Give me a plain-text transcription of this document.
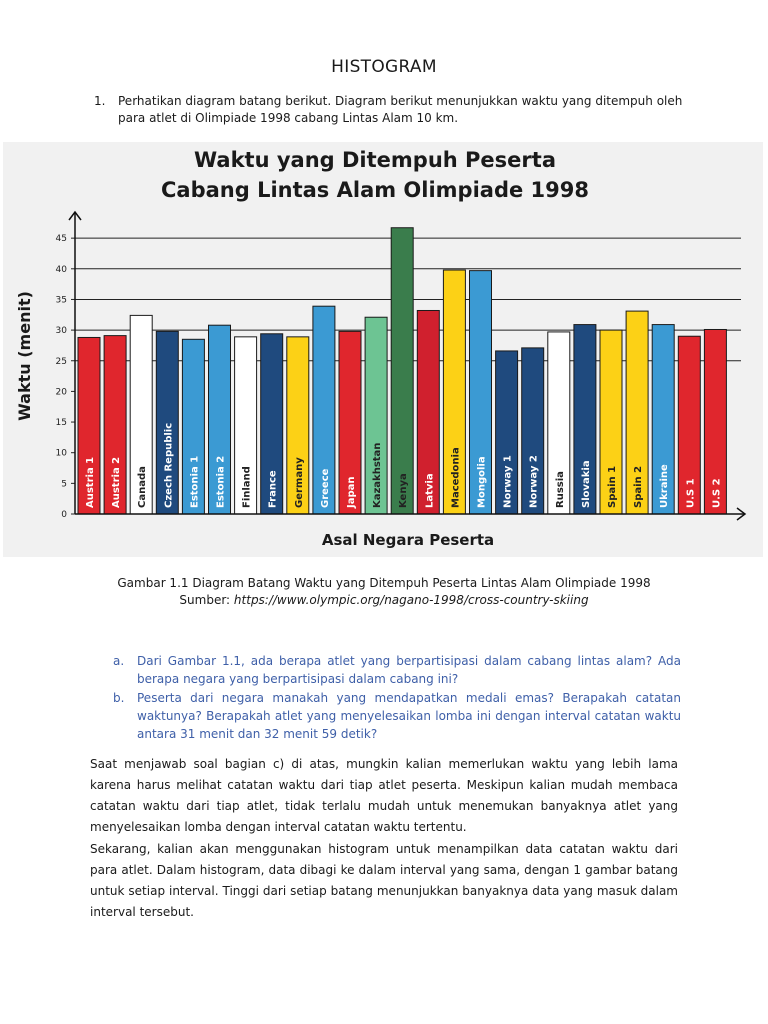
HISTOGRAM
1. Perhatikan diagram batang berikut. Diagram berikut menunjukkan waktu yang ditempuh oleh para atlet di Olimpiade 1998 cabang Lintas Alam 10 km.
Waktu yang Ditempuh Peserta
Cabang Lintas Alam Olimpiade 1998
Waktu (menit)
Asal Negara Peserta
Austria 1 Austria 2 Canada Czech Republic Estonia 1 Estonia 2 Finland France Germany Greece Japan Kazakhstan Kenya Latvia Macedonia Mongolia Norway 1 Norway 2 Russia Slovakia Spain 1 Spain 2 Ukraine U.S 1 U.S 2
0
5
10
15
20
25
30
35
40
45
Gambar 1.1 Diagram Batang Waktu yang Ditempuh Peserta Lintas Alam Olimpiade 1998
Sumber: https://www.olympic.org/nagano-1998/cross-country-skiing
a. Dari Gambar 1.1, ada berapa atlet yang berpartisipasi dalam cabang lintas alam? Ada berapa negara yang berpartisipasi dalam cabang ini?
b. Peserta dari negara manakah yang mendapatkan medali emas? Berapakah catatan waktunya? Berapakah atlet yang menyelesaikan lomba ini dengan interval catatan waktu antara 31 menit dan 32 menit 59 detik?
Saat menjawab soal bagian c) di atas, mungkin kalian memerlukan waktu yang lebih lama karena harus melihat catatan waktu dari tiap atlet peserta. Meskipun kalian mudah membaca catatan waktu dari tiap atlet, tidak terlalu mudah untuk menemukan banyaknya atlet yang menyelesaikan lomba dengan interval catatan waktu tertentu.
Sekarang, kalian akan menggunakan histogram untuk menampilkan data catatan waktu dari para atlet. Dalam histogram, data dibagi ke dalam interval yang sama, dengan 1 gambar batang untuk setiap interval. Tinggi dari setiap batang menunjukkan banyaknya data yang masuk dalam interval tersebut.
